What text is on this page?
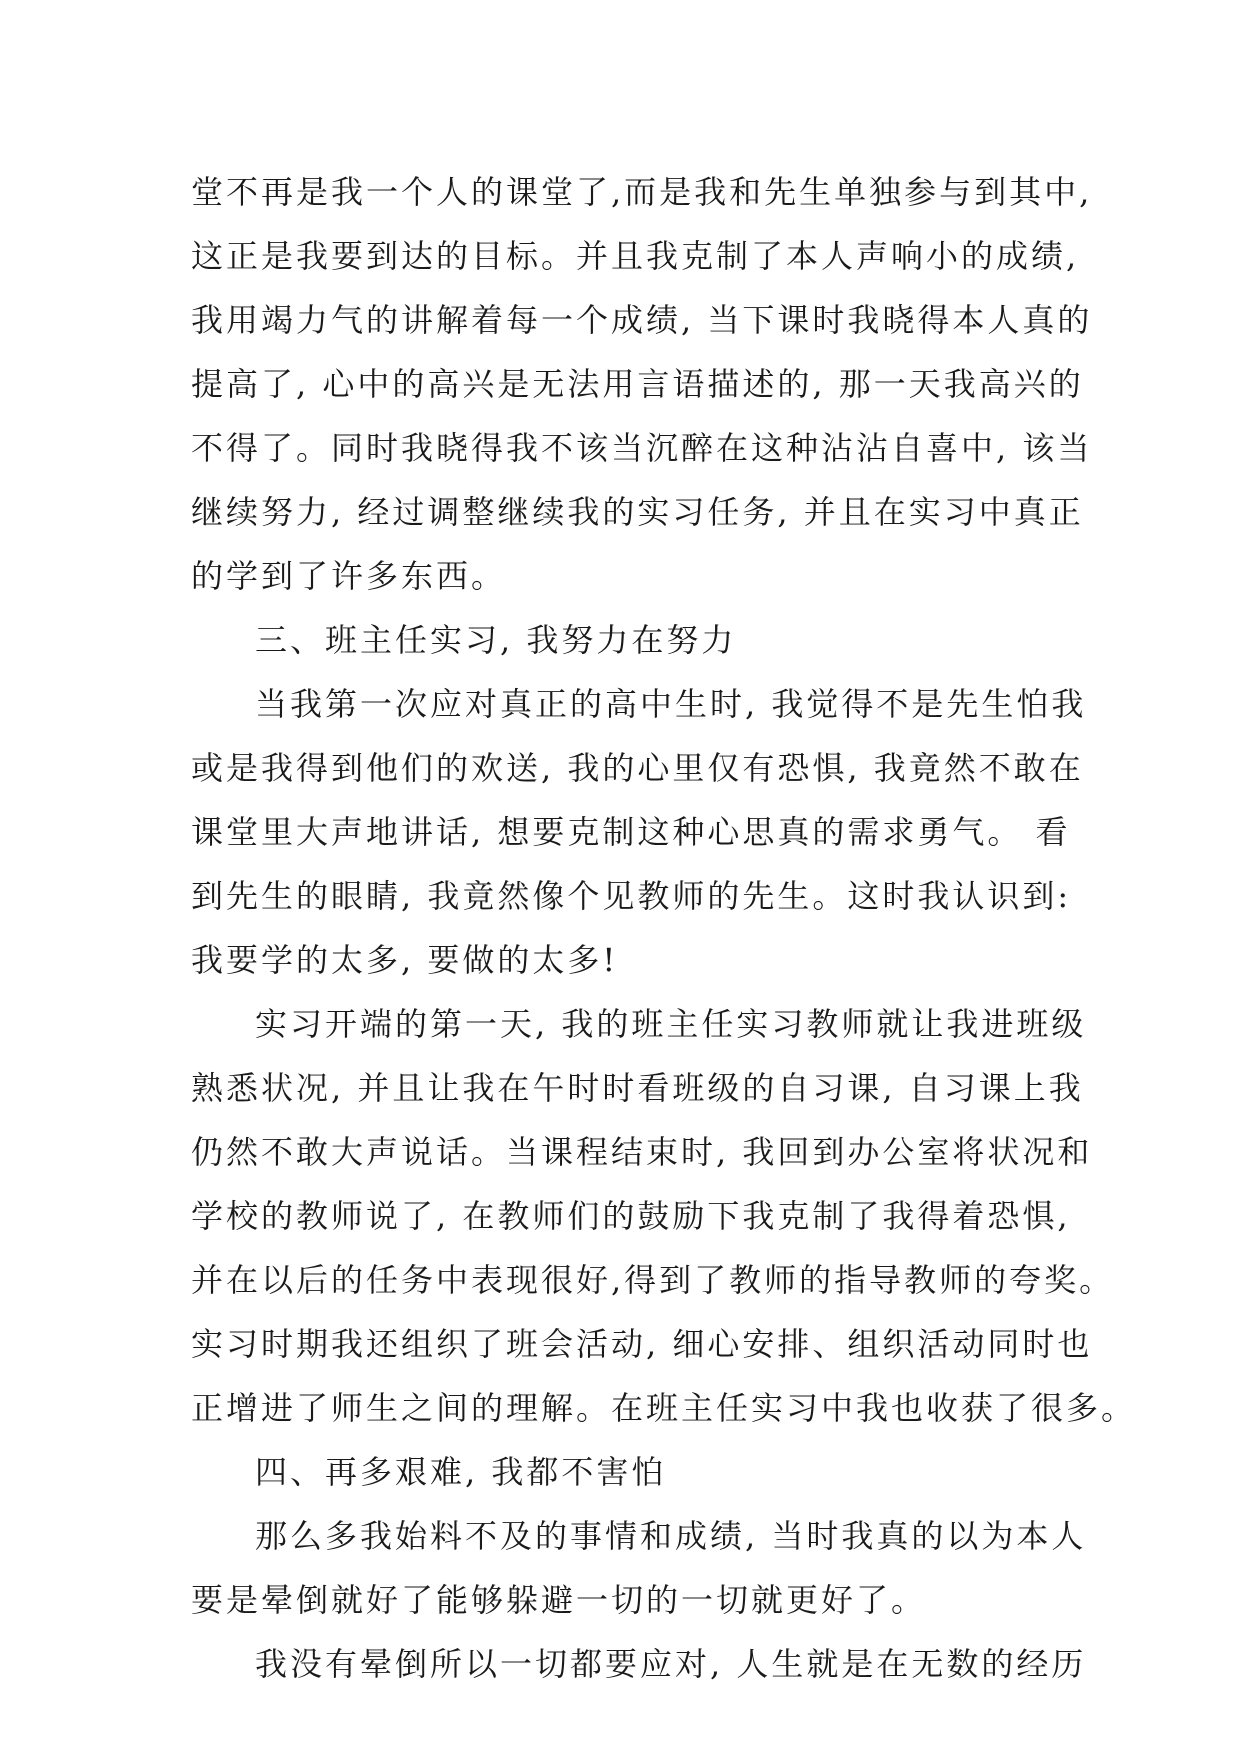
堂不再是我一个人的课堂了,而是我和先生单独参与到其中,
这正是我要到达的目标。并且我克制了本人声响小的成绩,
我用竭力气的讲解着每一个成绩, 当下课时我晓得本人真的
提高了, 心中的高兴是无法用言语描述的, 那一天我高兴的
不得了。同时我晓得我不该当沉醉在这种沾沾自喜中, 该当
继续努力, 经过调整继续我的实习任务, 并且在实习中真正
的学到了许多东西。
三、班主任实习, 我努力在努力
当我第一次应对真正的高中生时, 我觉得不是先生怕我
或是我得到他们的欢送, 我的心里仅有恐惧, 我竟然不敢在
课堂里大声地讲话, 想要克制这种心思真的需求勇气。 看
到先生的眼睛, 我竟然像个见教师的先生。这时我认识到:
我要学的太多, 要做的太多!
实习开端的第一天, 我的班主任实习教师就让我进班级
熟悉状况, 并且让我在午时时看班级的自习课, 自习课上我
仍然不敢大声说话。当课程结束时, 我回到办公室将状况和
学校的教师说了, 在教师们的鼓励下我克制了我得着恐惧,
并在以后的任务中表现很好,得到了教师的指导教师的夸奖。
实习时期我还组织了班会活动, 细心安排、组织活动同时也
正增进了师生之间的理解。在班主任实习中我也收获了很多。
四、再多艰难, 我都不害怕
那么多我始料不及的事情和成绩, 当时我真的以为本人
要是晕倒就好了能够躲避一切的一切就更好了。
我没有晕倒所以一切都要应对, 人生就是在无数的经历
